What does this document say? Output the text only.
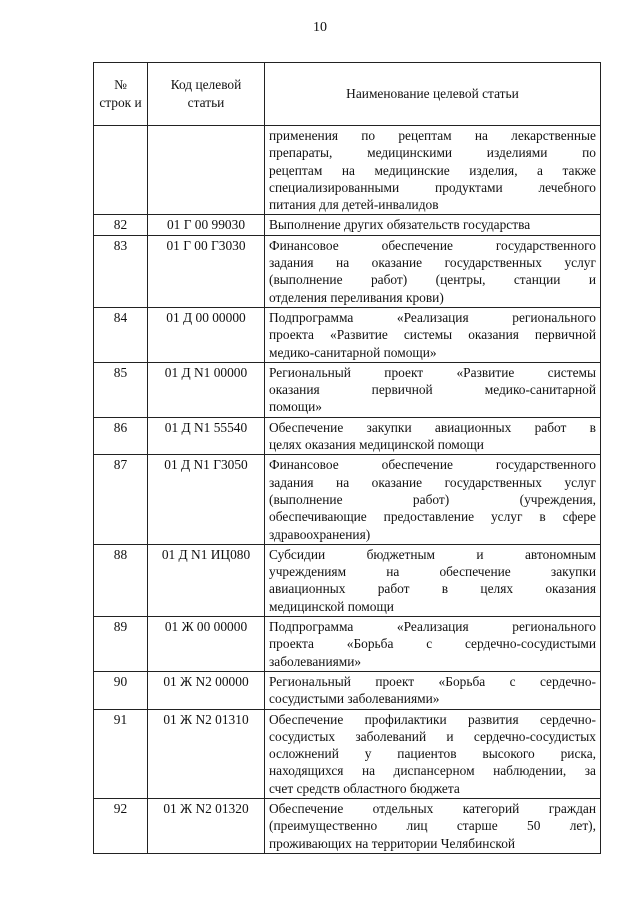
10
№ строк и	Код целевой статьи	Наименование целевой статьи

		применения по рецептам на лекарственные
препараты, медицинскими изделиями по
рецептам на медицинские изделия, а также
специализированными продуктами лечебного
питания для детей-инвалидов

82	01 Г 00 99030	Выполнение других обязательств государства

83	01 Г 00 Г3030	Финансовое обеспечение государственного
задания на оказание государственных услуг
(выполнение работ) (центры, станции и
отделения переливания крови)

84	01 Д 00 00000	Подпрограмма «Реализация регионального
проекта «Развитие системы оказания первичной
медико-санитарной помощи»

85	01 Д N1 00000	Региональный проект «Развитие системы
оказания первичной медико-санитарной
помощи»

86	01 Д N1 55540	Обеспечение закупки авиационных работ в
целях оказания медицинской помощи

87	01 Д N1 Г3050	Финансовое обеспечение государственного
задания на оказание государственных услуг
(выполнение работ) (учреждения,
обеспечивающие предоставление услуг в сфере
здравоохранения)

88	01 Д N1 ИЦ080	Субсидии бюджетным и автономным
учреждениям на обеспечение закупки
авиационных работ в целях оказания
медицинской помощи

89	01 Ж 00 00000	Подпрограмма «Реализация регионального
проекта «Борьба с сердечно-сосудистыми
заболеваниями»

90	01 Ж N2 00000	Региональный проект «Борьба с сердечно-
сосудистыми заболеваниями»

91	01 Ж N2 01310	Обеспечение профилактики развития сердечно-
сосудистых заболеваний и сердечно-сосудистых
осложнений у пациентов высокого риска,
находящихся на диспансерном наблюдении, за
счет средств областного бюджета

92	01 Ж N2 01320	Обеспечение отдельных категорий граждан
(преимущественно лиц старше 50 лет),
проживающих на территории Челябинской
